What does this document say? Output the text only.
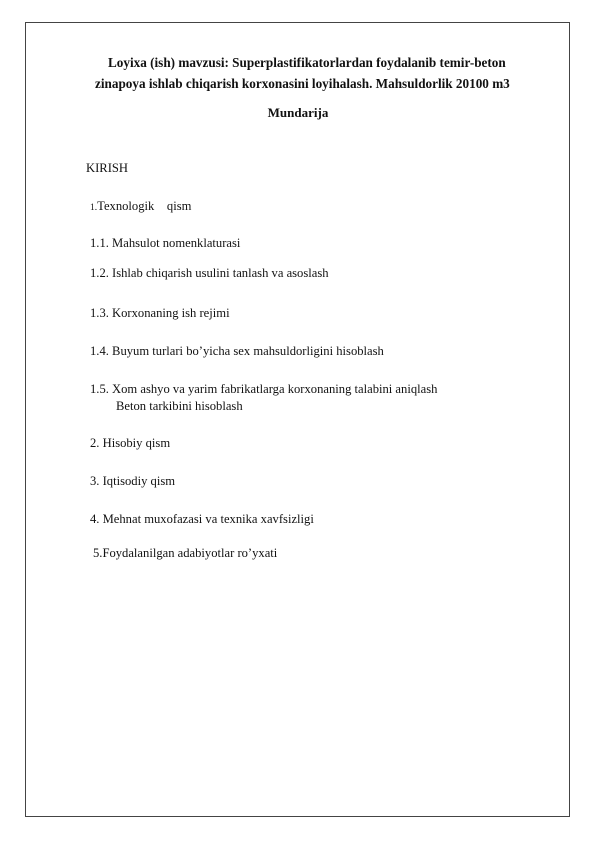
Loyixa (ish) mavzusi: Superplastifikatorlardan foydalanib temir-beton
zinapoya ishlab chiqarish korxonasini loyihalash. Mahsuldorlik 20100 m3
Mundarija
KIRISH
1.Texnologik    qism
1.1. Mahsulot nomenklaturasi
1.2. Ishlab chiqarish usulini tanlash va asoslash
1.3. Korxonaning ish rejimi
1.4. Buyum turlari bo’yicha sex mahsuldorligini hisoblash
1.5. Xom ashyo va yarim fabrikatlarga korxonaning talabini aniqlash
Beton tarkibini hisoblash
2. Hisobiy qism
3. Iqtisodiy qism
4. Mehnat muxofazasi va texnika xavfsizligi
5.Foydalanilgan adabiyotlar ro’yxati
